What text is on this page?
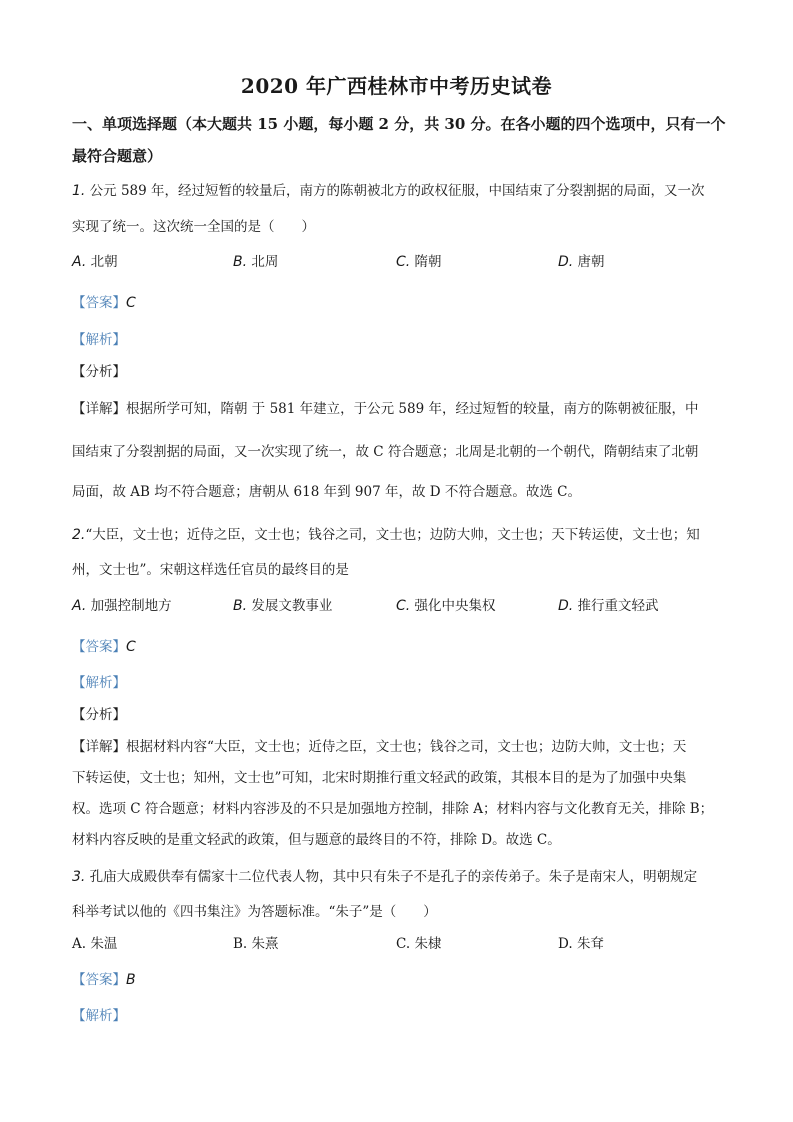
2020 年广西桂林市中考历史试卷
一、单项选择题（本大题共 15 小题，每小题 2 分，共 30 分。在各小题的四个选项中，只有一个最符合题意）
1. 公元 589 年，经过短暂的较量后，南方的陈朝被北方的政权征服，中国结束了分裂割据的局面，又一次
实现了统一。这次统一全国的是（　　）
A. 北朝	B. 北周	C. 隋朝	D. 唐朝
【答案】C
【解析】
【分析】
【详解】根据所学可知，隋朝 于 581 年建立，于公元 589 年，经过短暂的较量，南方的陈朝被征服，中
国结束了分裂割据的局面，又一次实现了统一，故 C 符合题意；北周是北朝的一个朝代，隋朝结束了北朝
局面，故 AB 均不符合题意；唐朝从 618 年到 907 年，故 D 不符合题意。故选 C。
2.“大臣，文士也；近侍之臣，文士也；钱谷之司，文士也；边防大帅，文士也；天下转运使，文士也；知
州，文士也”。宋朝这样选任官员的最终目的是
A. 加强控制地方	B. 发展文教事业	C. 强化中央集权	D. 推行重文轻武
【答案】C
【解析】
【分析】
【详解】根据材料内容“大臣，文士也；近侍之臣，文士也；钱谷之司，文士也；边防大帅，文士也；天
下转运使，文士也；知州，文士也”可知，北宋时期推行重文轻武的政策，其根本目的是为了加强中央集
权。选项 C 符合题意；材料内容涉及的不只是加强地方控制，排除 A；材料内容与文化教育无关，排除 B；
材料内容反映的是重文轻武的政策，但与题意的最终目的不符，排除 D。故选 C。
3. 孔庙大成殿供奉有儒家十二位代表人物，其中只有朱子不是孔子的亲传弟子。朱子是南宋人，明朝规定
科举考试以他的《四书集注》为答题标准。“朱子”是（　　）
A. 朱温	B. 朱熹	C. 朱棣	D. 朱耷
【答案】B
【解析】
